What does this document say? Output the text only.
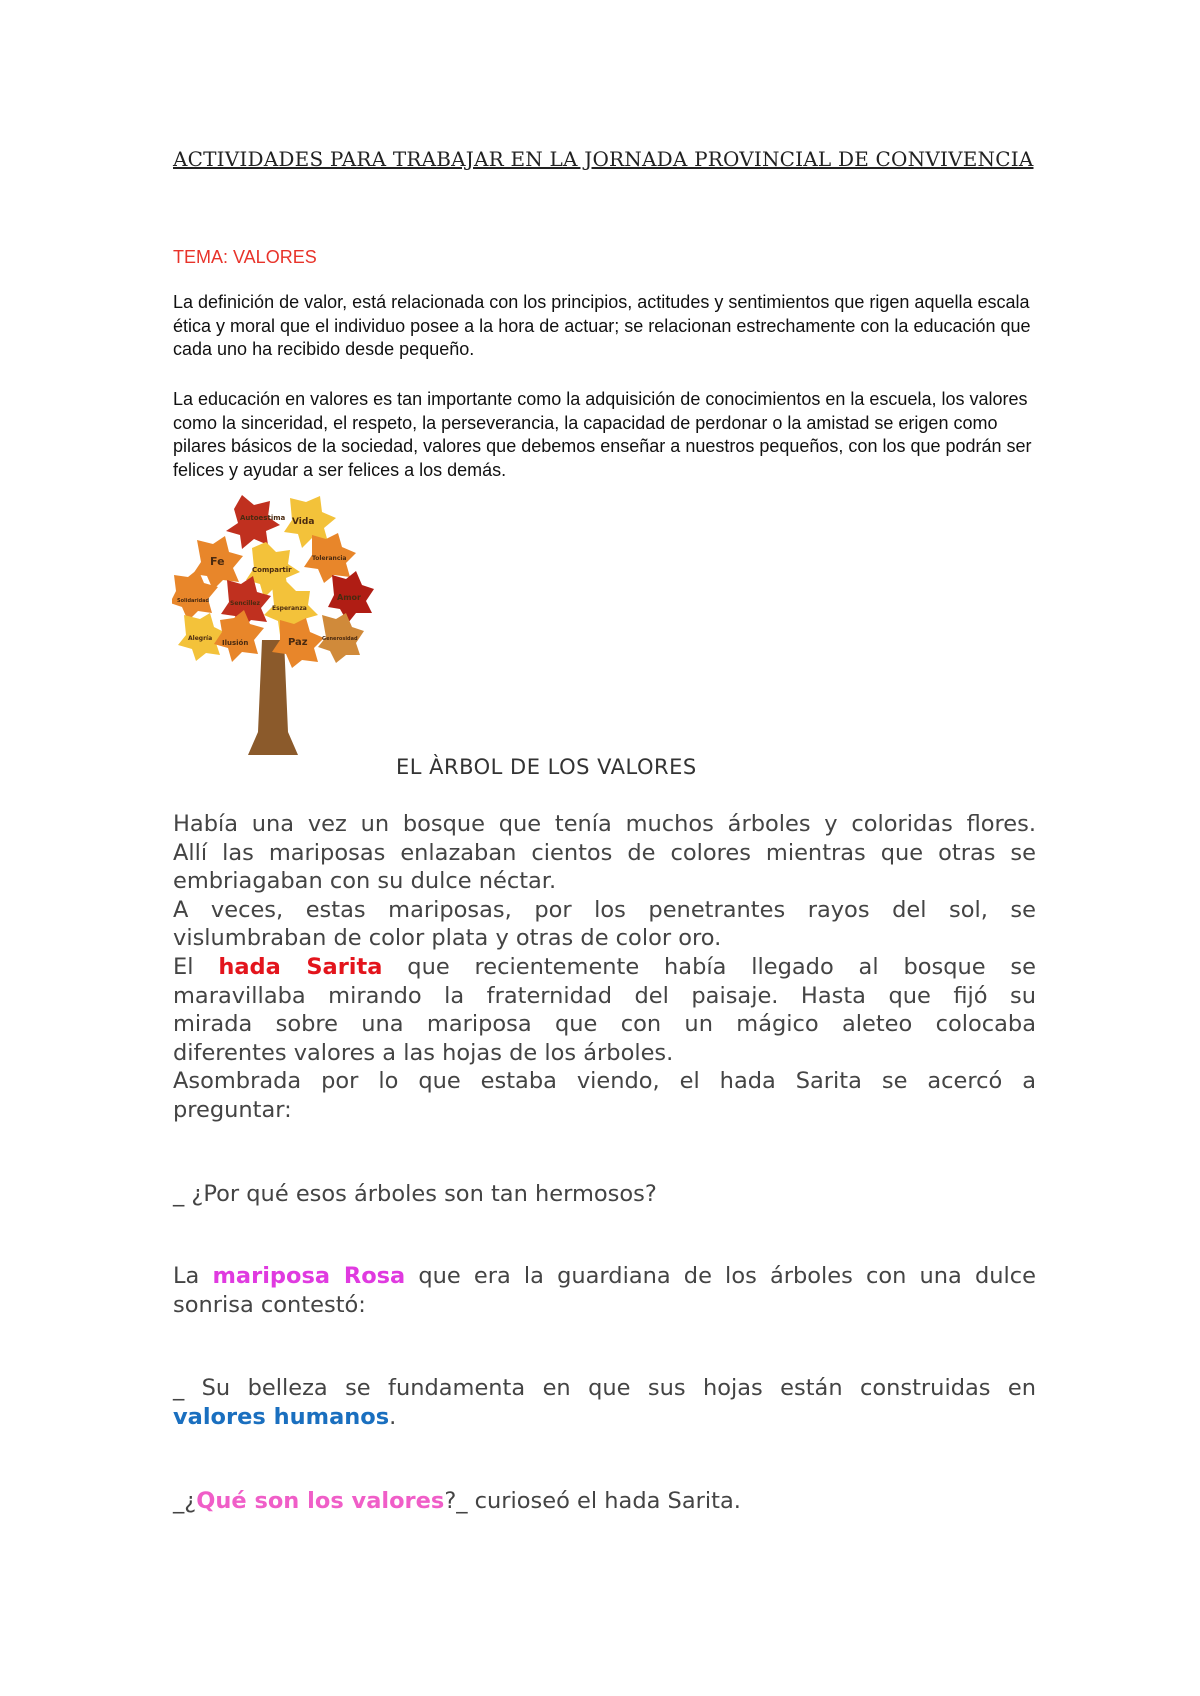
ACTIVIDADES PARA TRABAJAR EN LA JORNADA PROVINCIAL DE CONVIVENCIA
TEMA: VALORES
La definición de valor, está relacionada con los principios, actitudes y sentimientos que rigen aquella escala ética y moral que el individuo posee a la hora de actuar; se relacionan estrechamente con la educación que cada uno ha recibido desde pequeño.
La educación en valores es tan importante como la adquisición de conocimientos en la escuela, los valores como la sinceridad, el respeto, la perseverancia, la capacidad de perdonar o la amistad se erigen como pilares básicos de la sociedad, valores que debemos enseñar a nuestros pequeños, con los que podrán ser felices y ayudar a ser felices a los demás.
Autoestima Vida
Fe
Compartir
Tolerancia
Solidaridad	Sencillez
Esperanza
Amor
Alegría
Ilusión	Paz	Generosidad
EL ÀRBOL DE LOS VALORES
Había una vez un bosque que tenía muchos árboles y coloridas flores.
Allí las mariposas enlazaban cientos de colores mientras que otras se
embriagaban con su dulce néctar.
A veces, estas mariposas, por los penetrantes rayos del sol, se
vislumbraban de color plata y otras de color oro.
El hada Sarita que recientemente había llegado al bosque se
maravillaba mirando la fraternidad del paisaje. Hasta que fijó su
mirada sobre una mariposa que con un mágico aleteo colocaba
diferentes valores a las hojas de los árboles.
Asombrada por lo que estaba viendo, el hada Sarita se acercó a
preguntar:
_ ¿Por qué esos árboles son tan hermosos?
La mariposa Rosa que era la guardiana de los árboles con una dulce
sonrisa contestó:
_ Su belleza se fundamenta en que sus hojas están construidas en
valores humanos.
_¿Qué son los valores?_ curioseó el hada Sarita.
